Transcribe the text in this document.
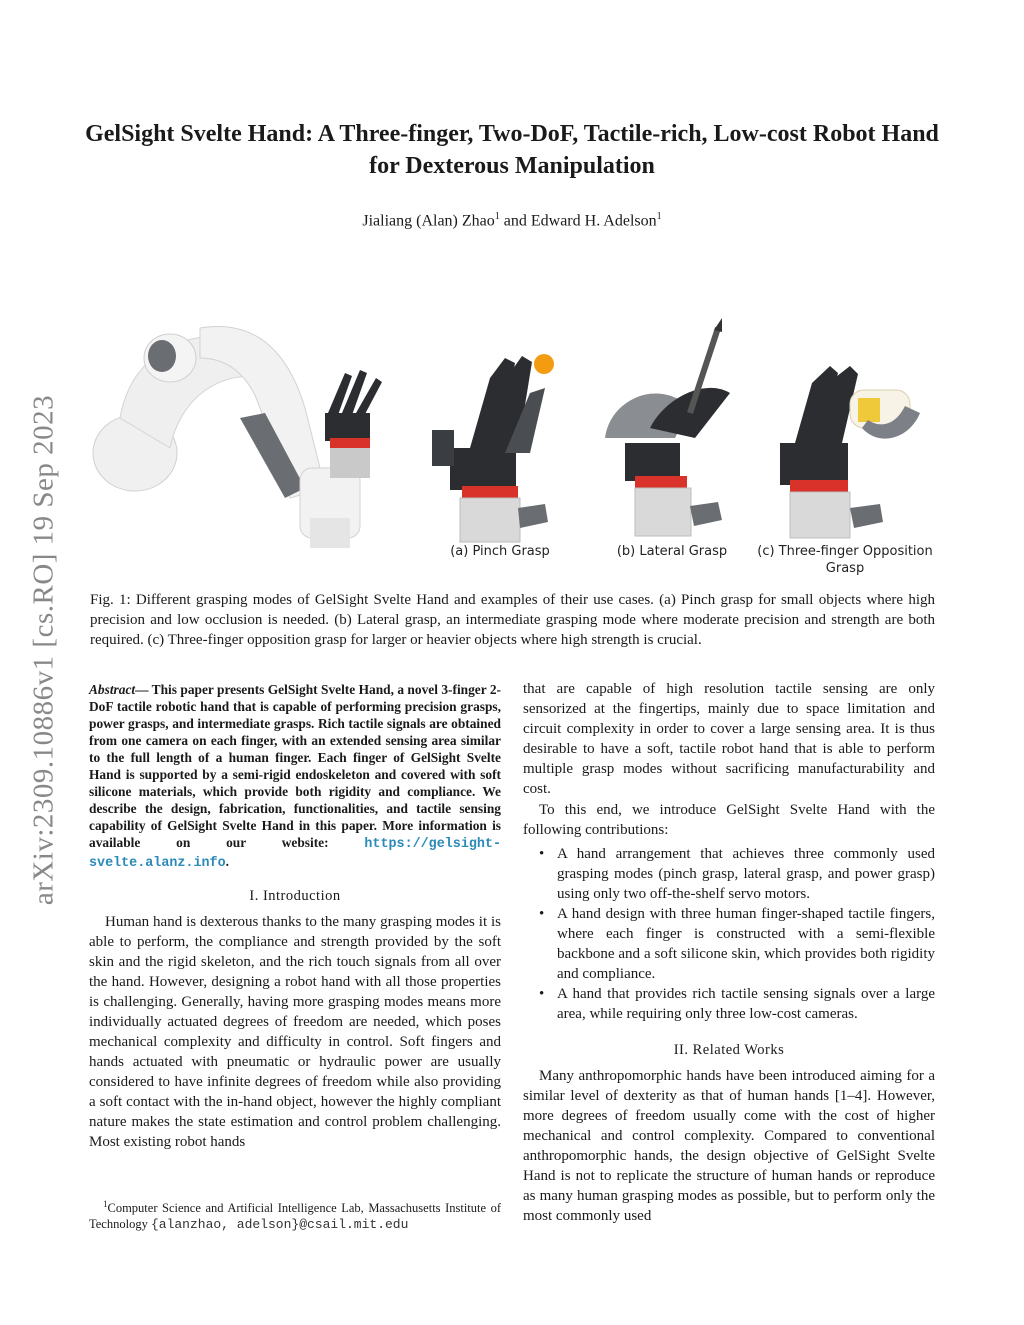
arXiv:2309.10886v1 [cs.RO] 19 Sep 2023
GelSight Svelte Hand: A Three-finger, Two-DoF, Tactile-rich, Low-cost Robot Hand for Dexterous Manipulation
Jialiang (Alan) Zhao$^1$ and Edward H. Adelson$^1$
(a) Pinch Grasp	(b) Lateral Grasp	(c) Three-finger Opposition Grasp
Fig. 1: Different grasping modes of GelSight Svelte Hand and examples of their use cases. (a) Pinch grasp for small objects where high precision and low occlusion is needed. (b) Lateral grasp, an intermediate grasping mode where moderate precision and strength are both required. (c) Three-finger opposition grasp for larger or heavier objects where high strength is crucial.

Abstract— This paper presents GelSight Svelte Hand, a novel 3-finger 2-DoF tactile robotic hand that is capable of performing precision grasps, power grasps, and intermediate grasps. Rich tactile signals are obtained from one camera on each finger, with an extended sensing area similar to the full length of a human finger. Each finger of GelSight Svelte Hand is supported by a semi-rigid endoskeleton and covered with soft silicone materials, which provide both rigidity and compliance. We describe the design, fabrication, functionalities, and tactile sensing capability of GelSight Svelte Hand in this paper. More information is available on our website: https://gelsight-svelte.alanz.info.

I. Introduction

Human hand is dexterous thanks to the many grasping modes it is able to perform, the compliance and strength provided by the soft skin and the rigid skeleton, and the rich touch signals from all over the hand. However, designing a robot hand with all those properties is challenging. Generally, having more grasping modes means more individually actuated degrees of freedom are needed, which poses mechanical complexity and difficulty in control. Soft fingers and hands actuated with pneumatic or hydraulic power are usually considered to have infinite degrees of freedom while also providing a soft contact with the in-hand object, however the highly compliant nature makes the state estimation and control problem challenging. Most existing robot hands

$^1$Computer Science and Artificial Intelligence Lab, Massachusetts Institute of Technology {alanzhao, adelson}@csail.mit.edu

that are capable of high resolution tactile sensing are only sensorized at the fingertips, mainly due to space limitation and circuit complexity in order to cover a large sensing area. It is thus desirable to have a soft, tactile robot hand that is able to perform multiple grasp modes without sacrificing manufacturability and cost.

To this end, we introduce GelSight Svelte Hand with the following contributions:

• A hand arrangement that achieves three commonly used grasping modes (pinch grasp, lateral grasp, and power grasp) using only two off-the-shelf servo motors.
• A hand design with three human finger-shaped tactile fingers, where each finger is constructed with a semi-flexible backbone and a soft silicone skin, which provides both rigidity and compliance.
• A hand that provides rich tactile sensing signals over a large area, while requiring only three low-cost cameras.
II. Related Works

Many anthropomorphic hands have been introduced aiming for a similar level of dexterity as that of human hands [1–4]. However, more degrees of freedom usually come with the cost of higher mechanical and control complexity. Compared to conventional anthropomorphic hands, the design objective of GelSight Svelte Hand is not to replicate the structure of human hands or reproduce as many human grasping modes as possible, but to perform only the most commonly used
